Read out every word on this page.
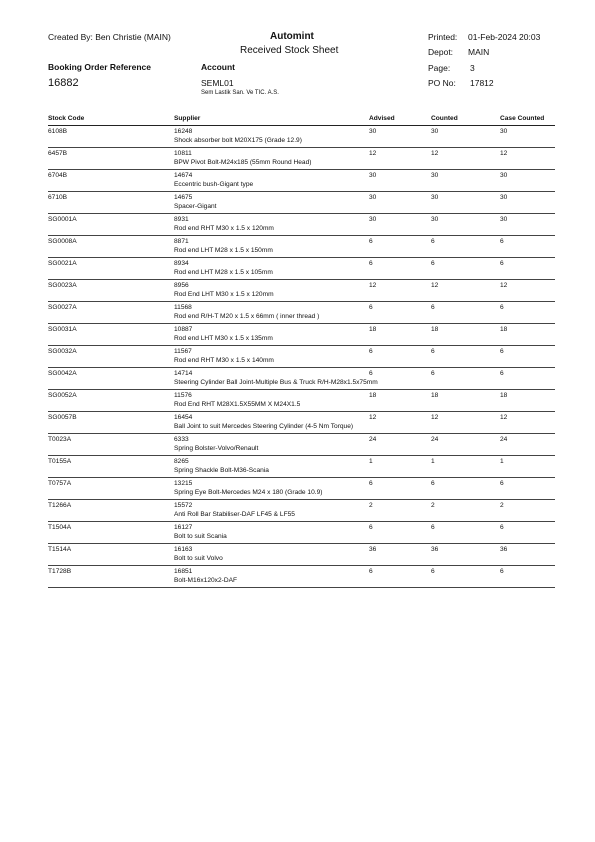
Created By: Ben Christie (MAIN)	Automint
Received Stock Sheet
Printed: 01-Feb-2024 20:03
Depot: MAIN
Page: 3
PO No: 17812
Booking Order Reference
16882
Account
SEML01
Sem Lastik San. Ve TIC. A.S.
Stock Code	Supplier	Advised	Counted	Case Counted
6108B	16248
Shock absorber bolt M20X175 (Grade 12.9)
30	30	30
6457B	10811
BPW Pivot Bolt-M24x185 (55mm Round Head)
12	12	12
6704B	14674
Eccentric bush-Gigant type
30	30	30
6710B	14675
Spacer-Gigant
30	30	30
SG0001A	8931
Rod end RHT M30 x 1.5 x 120mm
30	30	30
SG0008A	8871
Rod end LHT M28 x 1.5 x 150mm
6	6	6
SG0021A	8934
Rod end LHT M28 x 1.5 x 105mm
6	6	6
SG0023A	8956
Rod End LHT M30 x 1.5 x 120mm
12	12	12
SG0027A	11568
Rod end R/H-T M20 x 1.5 x 66mm ( inner thread )
6	6	6
SG0031A	10887
Rod end LHT M30 x 1.5 x 135mm
18	18	18
SG0032A	11567
Rod end RHT M30 x 1.5 x 140mm
6	6	6
SG0042A	14714
Steering Cylinder Ball Joint-Multiple Bus & Truck R/H-M28x1.5x75mm
6	6	6
SG0052A	11576
Rod End RHT M28X1.5X55MM X M24X1.5
18	18	18
SG0057B	16454
Ball Joint to suit Mercedes Steering Cylinder (4-5 Nm Torque)
12	12	12
T0023A	6333
Spring Bolster-Volvo/Renault
24	24	24
T0155A	8265
Spring Shackle Bolt-M36-Scania
1	1	1
T0757A	13215
Spring Eye Bolt-Mercedes M24 x 180 (Grade 10.9)
6	6	6
T1266A	15572
Anti Roll Bar Stabiliser-DAF LF45 & LF55
2	2	2
T1504A	16127
Bolt to suit Scania
6	6	6
T1514A	16163
Bolt to suit Volvo
36	36	36
T1728B	16851
Bolt-M16x120x2-DAF
6	6	6
